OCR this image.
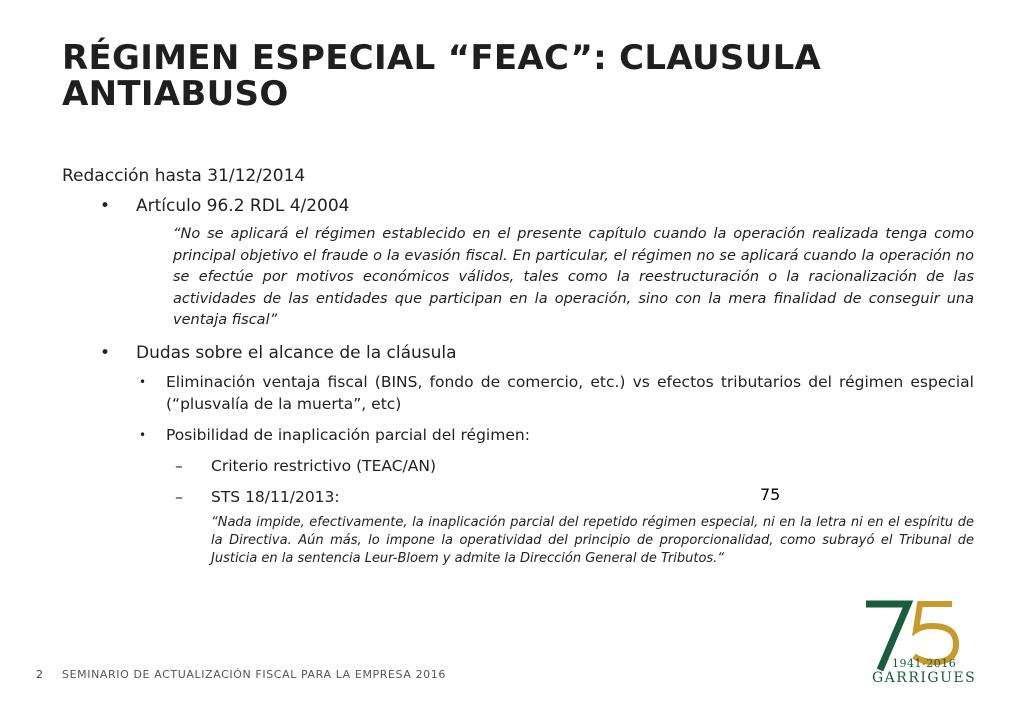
RÉGIMEN ESPECIAL “FEAC”: CLAUSULA ANTIABUSO

Redacción hasta 31/12/2014

• Artículo 96.2 RDL 4/2004

“No se aplicará el régimen establecido en el presente capítulo cuando la operación realizada tenga como principal objetivo el fraude o la evasión fiscal. En particular, el régimen no se aplicará cuando la operación no se efectúe por motivos económicos válidos, tales como la reestructuración o la racionalización de las actividades de las entidades que participan en la operación, sino con la mera finalidad de conseguir una ventaja fiscal”

• Dudas sobre el alcance de la cláusula

• Eliminación ventaja fiscal (BINS, fondo de comercio, etc.) vs efectos tributarios del régimen especial (“plusvalía de la muerta”, etc)

• Posibilidad de inaplicación parcial del régimen:

– Criterio restrictivo (TEAC/AN)

– STS 18/11/2013:

“Nada impide, efectivamente, la inaplicación parcial del repetido régimen especial, ni en la letra ni en el espíritu de la Directiva. Aún más, lo impone la operatividad del principio de proporcionalidad, como subrayó el Tribunal de Justicia en la sentencia Leur-Bloem y admite la Dirección General de Tributos.“

2 SEMINARIO DE ACTUALIZACIÓN FISCAL PARA LA EMPRESA 2016
75
1941-2016
GARRIGUES
